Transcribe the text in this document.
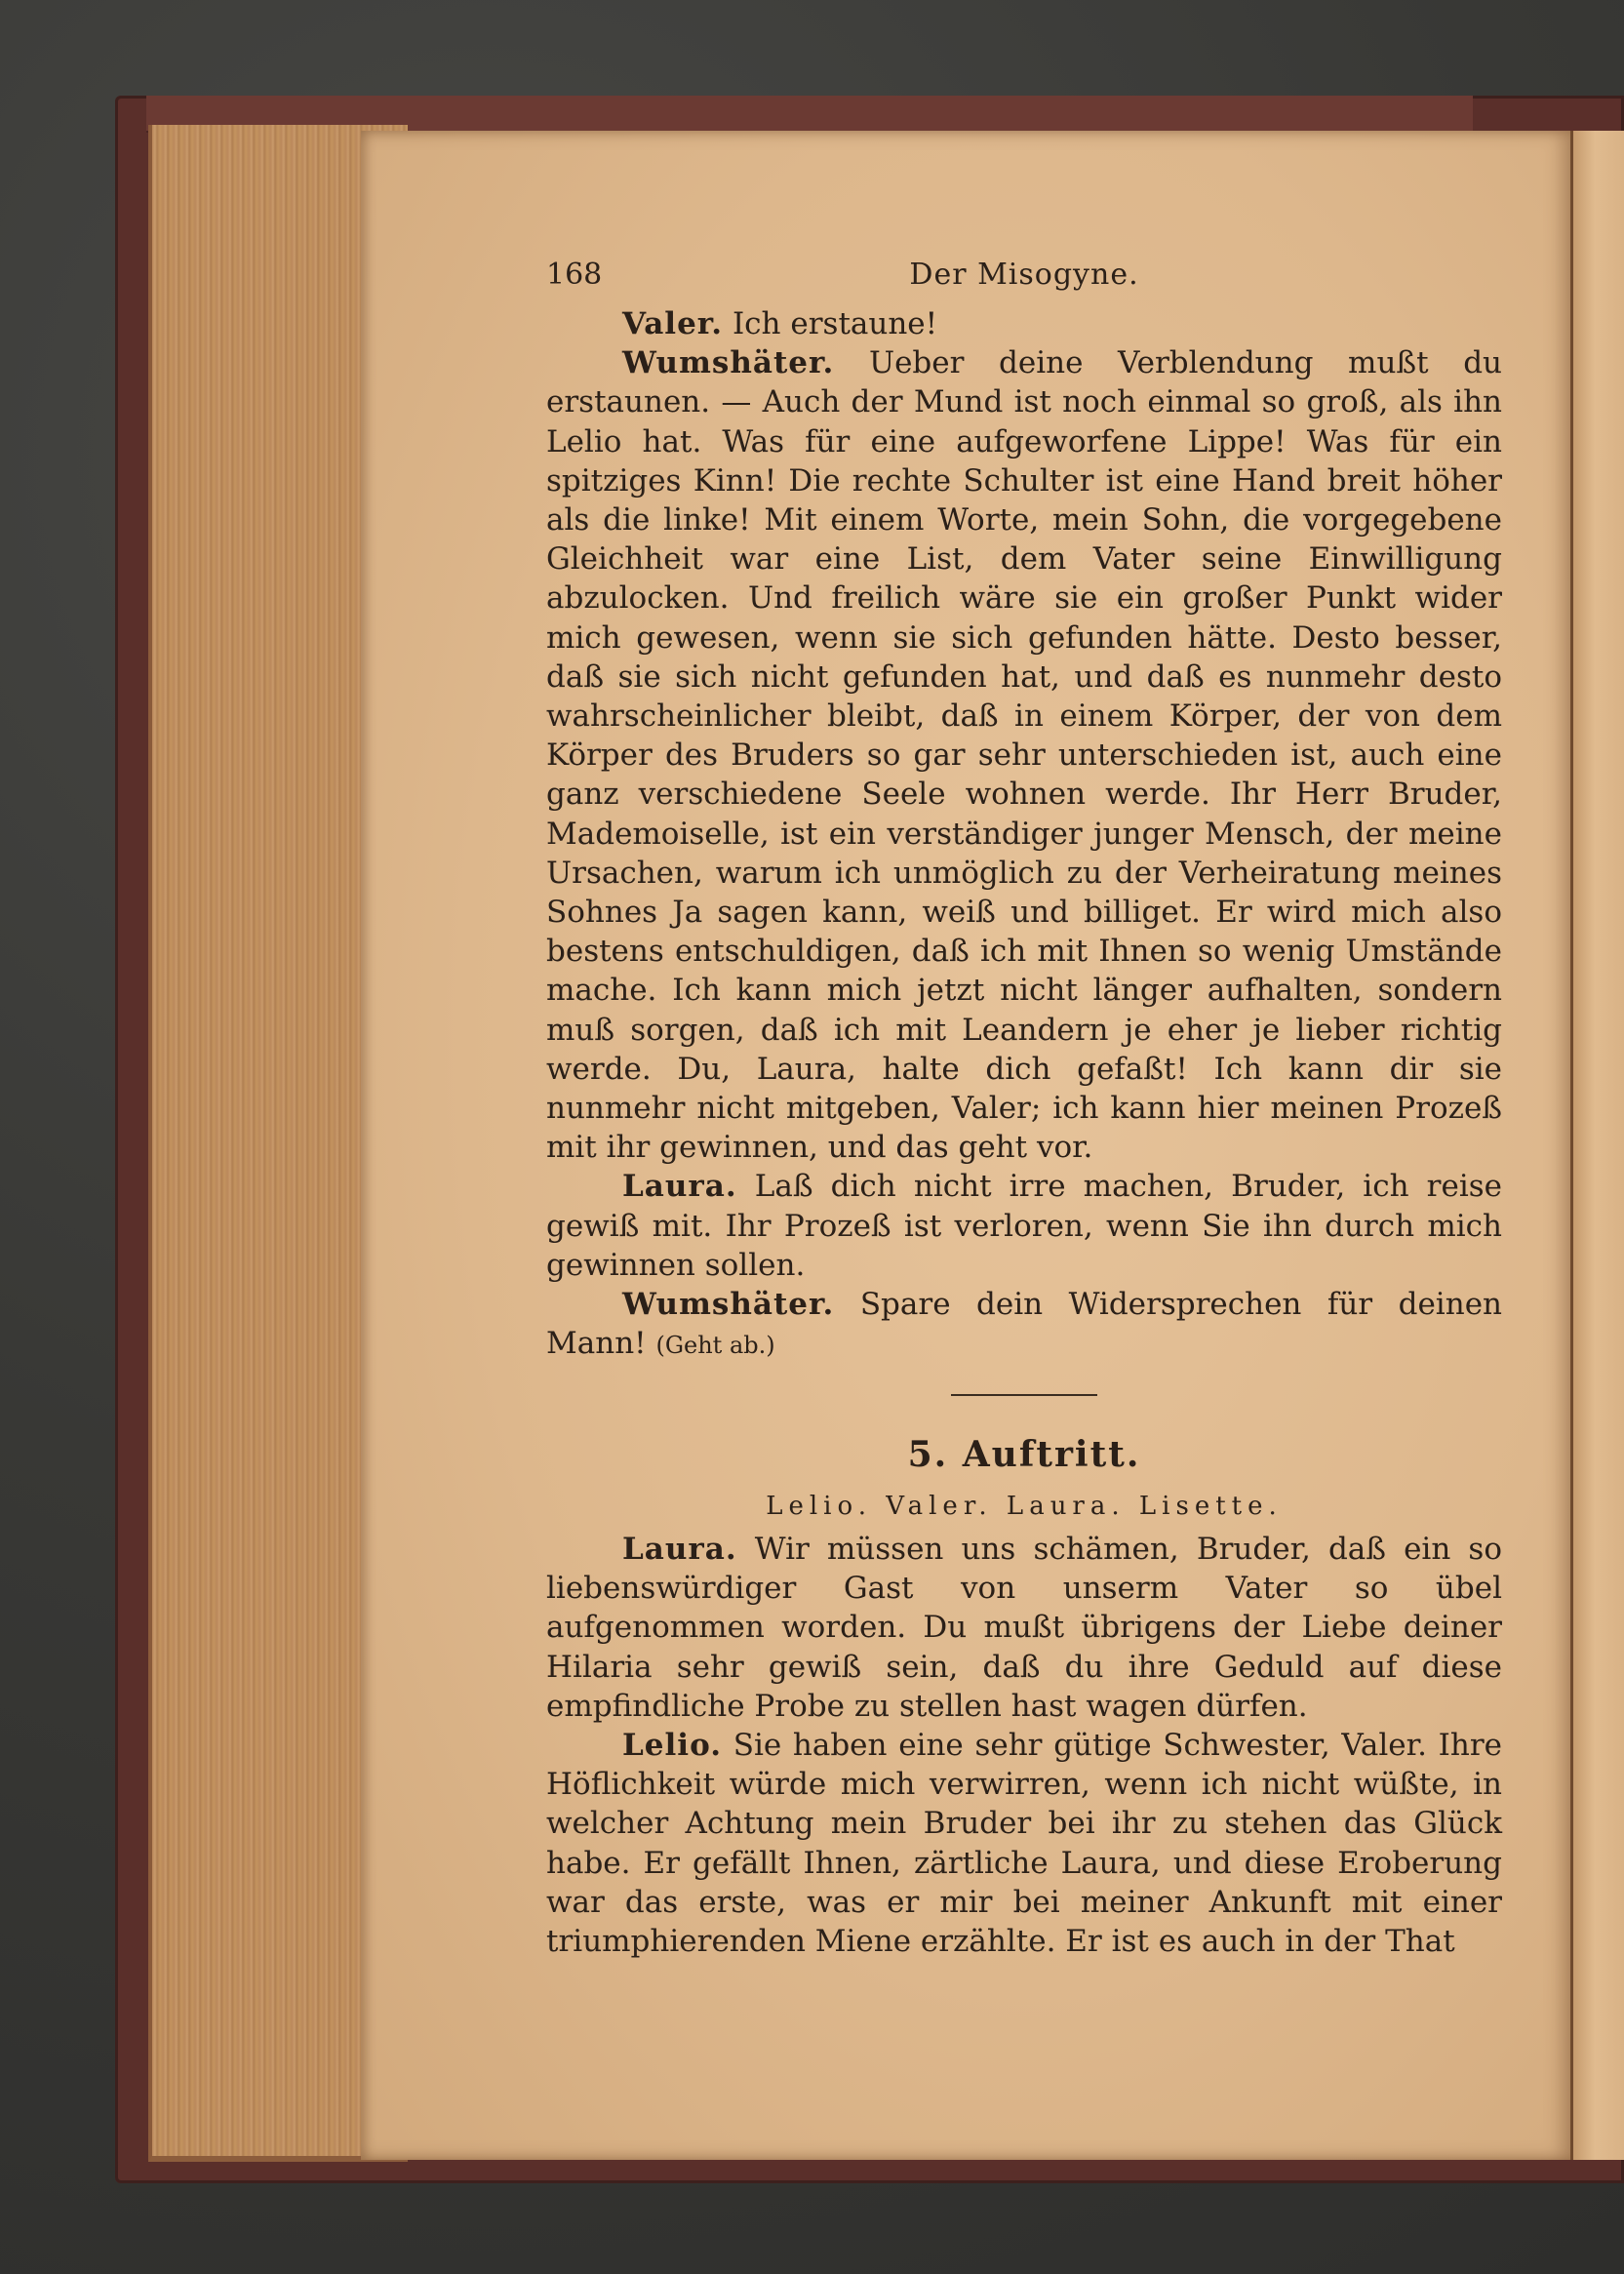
168	Der Misogyne.

Valer. Ich erstaune!

Wumshäter. Ueber deine Verblendung mußt du erstaunen. — Auch der Mund ist noch einmal so groß, als ihn Lelio hat. Was für eine aufgeworfene Lippe! Was für ein spitziges Kinn! Die rechte Schulter ist eine Hand breit höher als die linke! Mit einem Worte, mein Sohn, die vorgegebene Gleichheit war eine List, dem Vater seine Einwilligung abzulocken. Und freilich wäre sie ein großer Punkt wider mich gewesen, wenn sie sich gefunden hätte. Desto besser, daß sie sich nicht gefunden hat, und daß es nunmehr desto wahrscheinlicher bleibt, daß in einem Körper, der von dem Körper des Bruders so gar sehr unterschieden ist, auch eine ganz verschiedene Seele wohnen werde. Ihr Herr Bruder, Mademoiselle, ist ein verständiger junger Mensch, der meine Ursachen, warum ich unmöglich zu der Verheiratung meines Sohnes Ja sagen kann, weiß und billiget. Er wird mich also bestens entschuldigen, daß ich mit Ihnen so wenig Umstände mache. Ich kann mich jetzt nicht länger aufhalten, sondern muß sorgen, daß ich mit Leandern je eher je lieber richtig werde. Du, Laura, halte dich gefaßt! Ich kann dir sie nunmehr nicht mitgeben, Valer; ich kann hier meinen Prozeß mit ihr gewinnen, und das geht vor.

Laura. Laß dich nicht irre machen, Bruder, ich reise gewiß mit. Ihr Prozeß ist verloren, wenn Sie ihn durch mich gewinnen sollen.

Wumshäter. Spare dein Widersprechen für deinen Mann! (Geht ab.)

5. Auftritt.
Lelio. Valer. Laura. Lisette.

Laura. Wir müssen uns schämen, Bruder, daß ein so liebenswürdiger Gast von unserm Vater so übel aufgenommen worden. Du mußt übrigens der Liebe deiner Hilaria sehr gewiß sein, daß du ihre Geduld auf diese empfindliche Probe zu stellen hast wagen dürfen.

Lelio. Sie haben eine sehr gütige Schwester, Valer. Ihre Höflichkeit würde mich verwirren, wenn ich nicht wüßte, in welcher Achtung mein Bruder bei ihr zu stehen das Glück habe. Er gefällt Ihnen, zärtliche Laura, und diese Eroberung war das erste, was er mir bei meiner Ankunft mit einer triumphierenden Miene erzählte. Er ist es auch in der That
